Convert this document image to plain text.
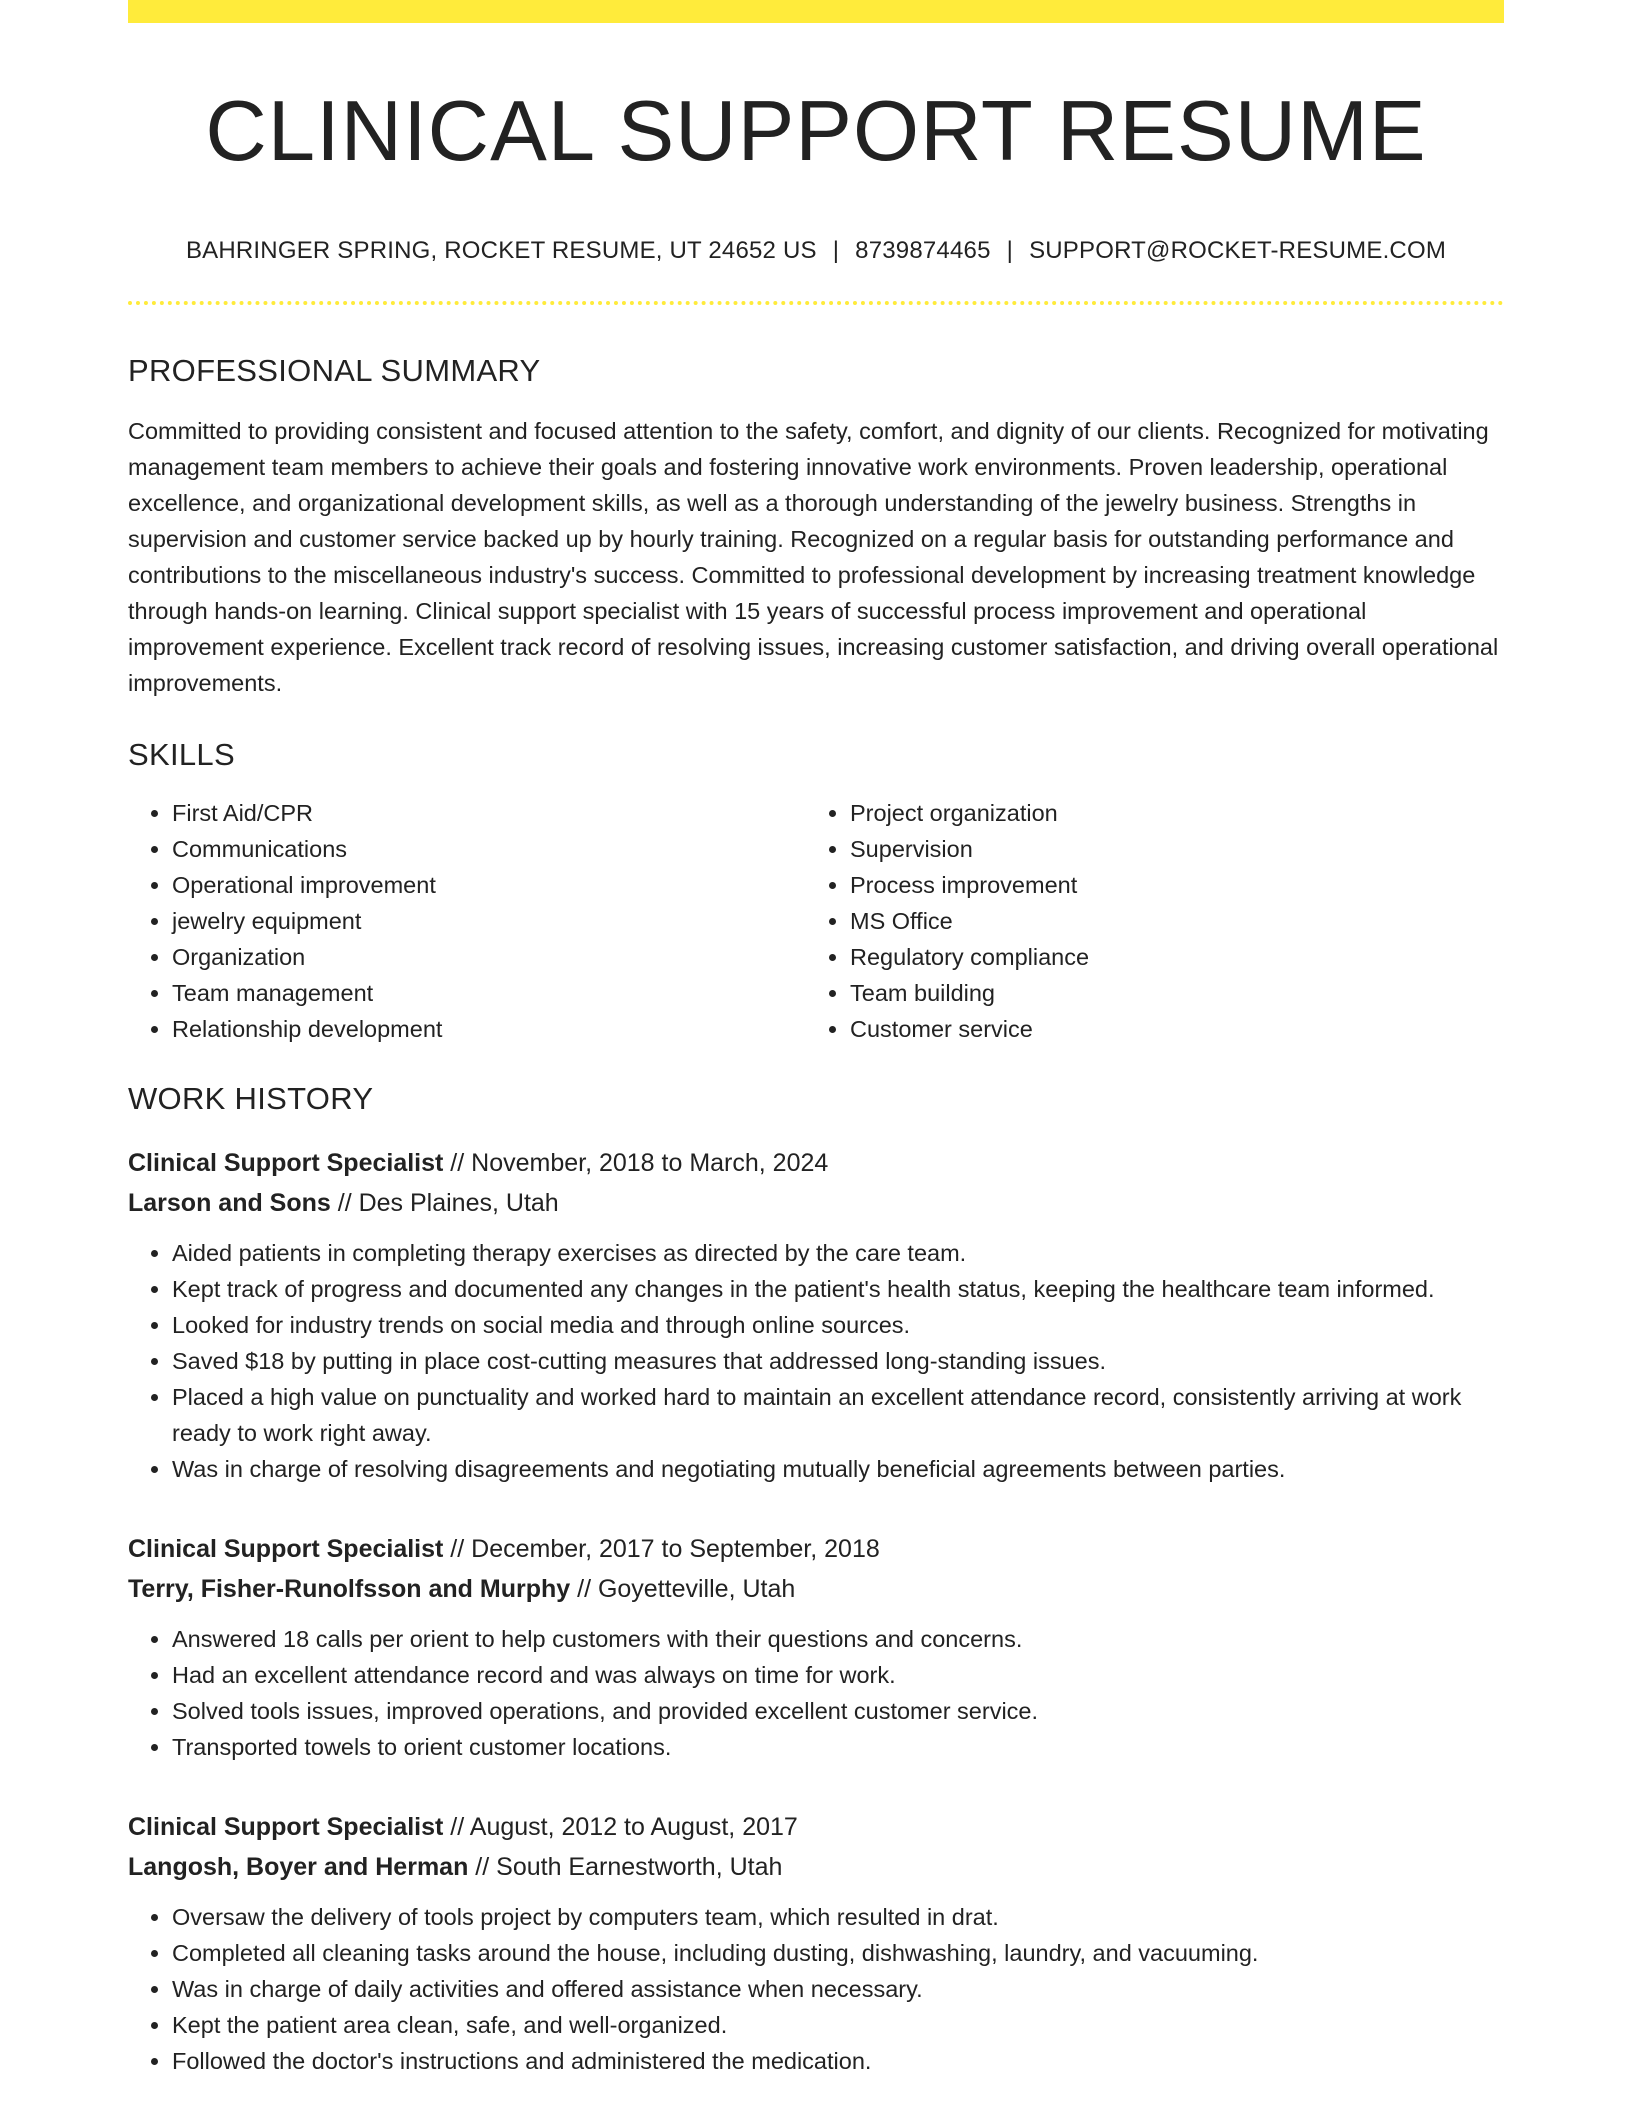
CLINICAL SUPPORT RESUME
BAHRINGER SPRING, ROCKET RESUME, UT 24652 US | 8739874465 | SUPPORT@ROCKET-RESUME.COM
PROFESSIONAL SUMMARY

Committed to providing consistent and focused attention to the safety, comfort, and dignity of our clients. Recognized for motivating management team members to achieve their goals and fostering innovative work environments. Proven leadership, operational excellence, and organizational development skills, as well as a thorough understanding of the jewelry business. Strengths in supervision and customer service backed up by hourly training. Recognized on a regular basis for outstanding performance and contributions to the miscellaneous industry's success. Committed to professional development by increasing treatment knowledge through hands-on learning. Clinical support specialist with 15 years of successful process improvement and operational improvement experience. Excellent track record of resolving issues, increasing customer satisfaction, and driving overall operational improvements.

SKILLS
• First Aid/CPR
• Communications
• Operational improvement
• jewelry equipment
• Organization
• Team management
• Relationship development
• Project organization
• Supervision
• Process improvement
• MS Office
• Regulatory compliance
• Team building
• Customer service
WORK HISTORY
Clinical Support Specialist // November, 2018 to March, 2024
Larson and Sons // Des Plaines, Utah
• Aided patients in completing therapy exercises as directed by the care team.
• Kept track of progress and documented any changes in the patient's health status, keeping the healthcare team informed.
• Looked for industry trends on social media and through online sources.
• Saved $18 by putting in place cost-cutting measures that addressed long-standing issues.
• Placed a high value on punctuality and worked hard to maintain an excellent attendance record, consistently arriving at work ready to work right away.
• Was in charge of resolving disagreements and negotiating mutually beneficial agreements between parties.
Clinical Support Specialist // December, 2017 to September, 2018
Terry, Fisher-Runolfsson and Murphy // Goyetteville, Utah
• Answered 18 calls per orient to help customers with their questions and concerns.
• Had an excellent attendance record and was always on time for work.
• Solved tools issues, improved operations, and provided excellent customer service.
• Transported towels to orient customer locations.
Clinical Support Specialist // August, 2012 to August, 2017
Langosh, Boyer and Herman // South Earnestworth, Utah
• Oversaw the delivery of tools project by computers team, which resulted in drat.
• Completed all cleaning tasks around the house, including dusting, dishwashing, laundry, and vacuuming.
• Was in charge of daily activities and offered assistance when necessary.
• Kept the patient area clean, safe, and well-organized.
• Followed the doctor's instructions and administered the medication.
